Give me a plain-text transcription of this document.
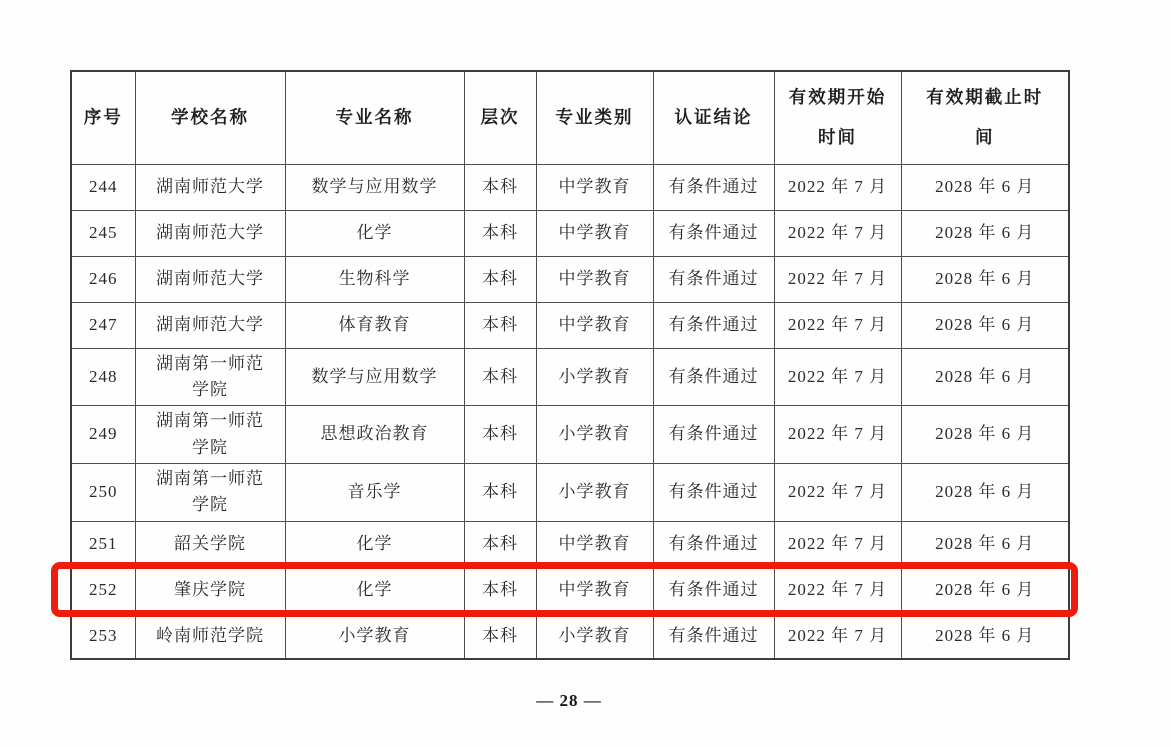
序号	学校名称	专业名称	层次	专业类别	认证结论	有效期开始时间	有效期截止时间
244	湖南师范大学	数学与应用数学	本科	中学教育	有条件通过	2022 年 7 月	2028 年 6 月
245	湖南师范大学	化学	本科	中学教育	有条件通过	2022 年 7 月	2028 年 6 月
246	湖南师范大学	生物科学	本科	中学教育	有条件通过	2022 年 7 月	2028 年 6 月
247	湖南师范大学	体育教育	本科	中学教育	有条件通过	2022 年 7 月	2028 年 6 月
248	湖南第一师范学院	数学与应用数学	本科	小学教育	有条件通过	2022 年 7 月	2028 年 6 月
249	湖南第一师范学院	思想政治教育	本科	小学教育	有条件通过	2022 年 7 月	2028 年 6 月
250	湖南第一师范学院	音乐学	本科	小学教育	有条件通过	2022 年 7 月	2028 年 6 月
251	韶关学院	化学	本科	中学教育	有条件通过	2022 年 7 月	2028 年 6 月
252	肇庆学院	化学	本科	中学教育	有条件通过	2022 年 7 月	2028 年 6 月
253	岭南师范学院	小学教育	本科	小学教育	有条件通过	2022 年 7 月	2028 年 6 月
— 28 —
